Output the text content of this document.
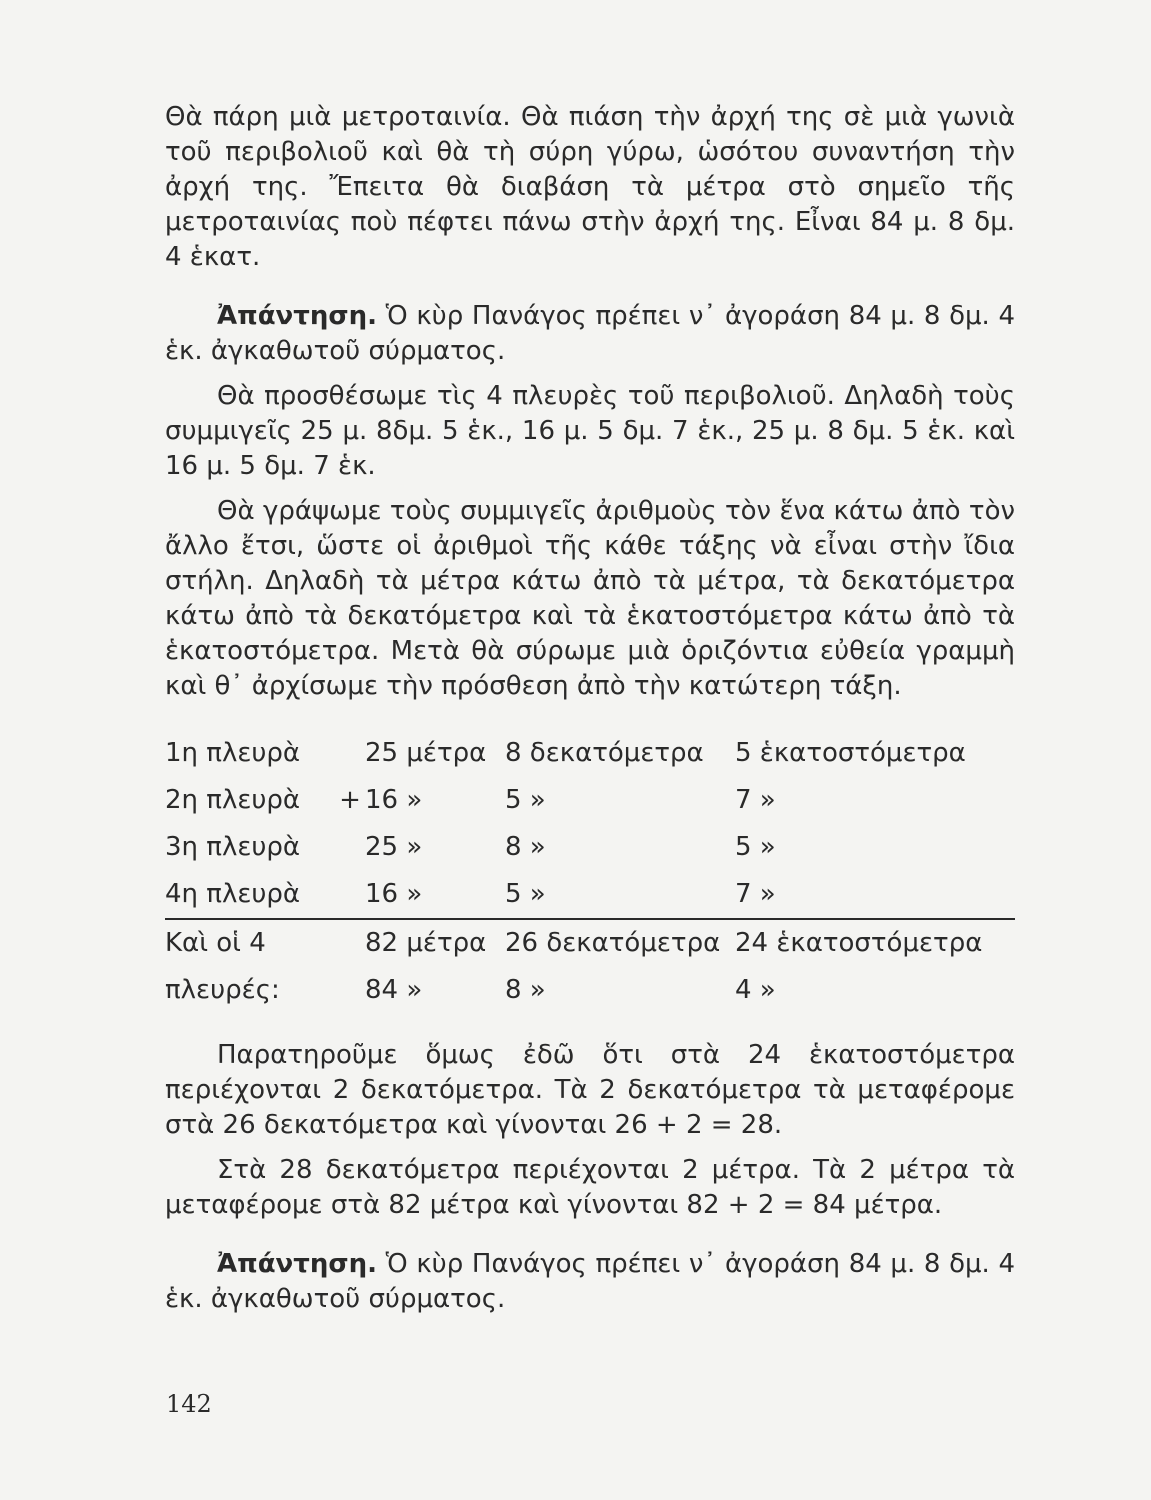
Θὰ πάρη μιὰ μετροταινία. Θὰ πιάση τὴν ἀρχή της σὲ μιὰ γωνιὰ τοῦ περιβολιοῦ καὶ θὰ τὴ σύρη γύρω, ὡσότου συναντήση τὴν ἀρχή της. Ἔπειτα θὰ διαβάση τὰ μέτρα στὸ σημεῖο τῆς μετροταινίας ποὺ πέφτει πάνω στὴν ἀρχή της. Εἶναι 84 μ. 8 δμ. 4 ἑκατ.

Ἀπάντηση. Ὁ κὺρ Πανάγος πρέπει ν᾽ ἀγοράση 84 μ. 8 δμ. 4 ἑκ. ἀγκαθωτοῦ σύρματος.

Θὰ προσθέσωμε τὶς 4 πλευρὲς τοῦ περιβολιοῦ. Δηλαδὴ τοὺς συμμιγεῖς 25 μ. 8δμ. 5 ἑκ., 16 μ. 5 δμ. 7 ἑκ., 25 μ. 8 δμ. 5 ἑκ. καὶ 16 μ. 5 δμ. 7 ἑκ.

Θὰ γράψωμε τοὺς συμμιγεῖς ἀριθμοὺς τὸν ἕνα κάτω ἀπὸ τὸν ἄλλο ἔτσι, ὥστε οἱ ἀριθμοὶ τῆς κάθε τάξης νὰ εἶναι στὴν ἴδια στήλη. Δηλαδὴ τὰ μέτρα κάτω ἀπὸ τὰ μέτρα, τὰ δεκατόμετρα κάτω ἀπὸ τὰ δεκατόμετρα καὶ τὰ ἑκατοστόμετρα κάτω ἀπὸ τὰ ἑκατοστόμετρα. Μετὰ θὰ σύρωμε μιὰ ὁριζόντια εὐθεία γραμμὴ καὶ θ᾽ ἀρχίσωμε τὴν πρόσθεση ἀπὸ τὴν κατώτερη τάξη.

1η πλευρὰ		25 μέτρα	8 δεκατόμετρα	5 ἑκατοστόμετρα
2η πλευρὰ	+	16 »	5 »	7 »
3η πλευρὰ		25 »	8 »	5 »
4η πλευρὰ		16 »	5 »	7 »

Καὶ οἱ 4		82 μέτρα	26 δεκατόμετρα	24 ἑκατοστόμετρα
πλευρές:		84 »	8 »	4 »

Παρατηροῦμε ὅμως ἐδῶ ὅτι στὰ 24 ἑκατοστόμετρα περιέχονται 2 δεκατόμετρα. Τὰ 2 δεκατόμετρα τὰ μεταφέρομε στὰ 26 δεκατόμετρα καὶ γίνονται 26 + 2 = 28.

Στὰ 28 δεκατόμετρα περιέχονται 2 μέτρα. Τὰ 2 μέτρα τὰ μεταφέρομε στὰ 82 μέτρα καὶ γίνονται 82 + 2 = 84 μέτρα.

Ἀπάντηση. Ὁ κὺρ Πανάγος πρέπει ν᾽ ἀγοράση 84 μ. 8 δμ. 4 ἑκ. ἀγκαθωτοῦ σύρματος.

142
